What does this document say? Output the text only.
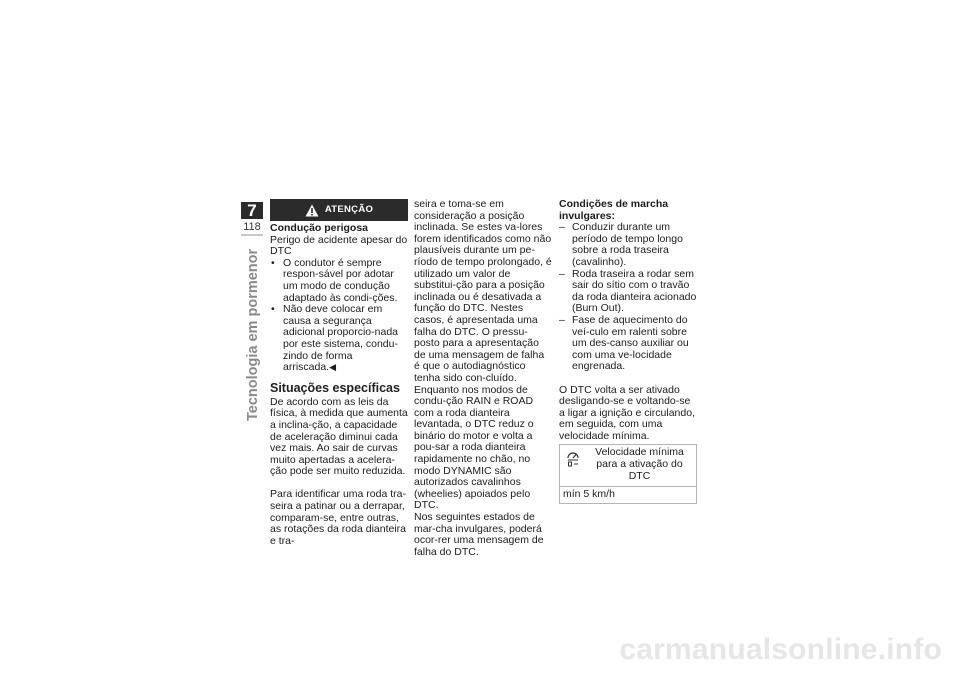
7
118
Tecnologia em pormenor
ATENÇÃO

Condução perigosa

Perigo de acidente apesar do DTC

• O condutor é sempre respon-sável por adotar um modo de condução adaptado às condi-ções.
• Não deve colocar em causa a segurança adicional proporcio-nada por este sistema, condu-zindo de forma arriscada.◀
Situações específicas

De acordo com as leis da física, à medida que aumenta a inclina-ção, a capacidade de aceleração diminui cada vez mais. Ao sair de curvas muito apertadas a acelera-ção pode ser muito reduzida.

Para identificar uma roda tra-seira a patinar ou a derrapar, comparam-se, entre outras, as rotações da roda dianteira e tra-

seira e toma-se em consideração a posição inclinada. Se estes va-lores forem identificados como não plausíveis durante um pe-ríodo de tempo prolongado, é utilizado um valor de substitui-ção para a posição inclinada ou é desativada a função do DTC. Nestes casos, é apresentada uma falha do DTC. O pressu-posto para a apresentação de uma mensagem de falha é que o autodiagnóstico tenha sido con-cluído.

Enquanto nos modos de condu-ção RAIN e ROAD com a roda dianteira levantada, o DTC reduz o binário do motor e volta a pou-sar a roda dianteira rapidamente no chão, no modo DYNAMIC são autorizados cavalinhos (wheelies) apoiados pelo DTC.

Nos seguintes estados de mar-cha invulgares, poderá ocor-rer uma mensagem de falha do DTC.

Condições de marcha invulgares:

– Conduzir durante um período de tempo longo sobre a roda traseira (cavalinho).
– Roda traseira a rodar sem sair do sítio com o travão da roda dianteira acionado (Burn Out).
– Fase de aquecimento do veí-culo em ralenti sobre um des-canso auxiliar ou com uma ve-locidade engrenada.

O DTC volta a ser ativado desligando-se e voltando-se a ligar a ignição e circulando, em seguida, com uma velocidade mínima.

Velocidade mínima para a ativação do DTC

mín 5 km/h
carmanualsonline.info
